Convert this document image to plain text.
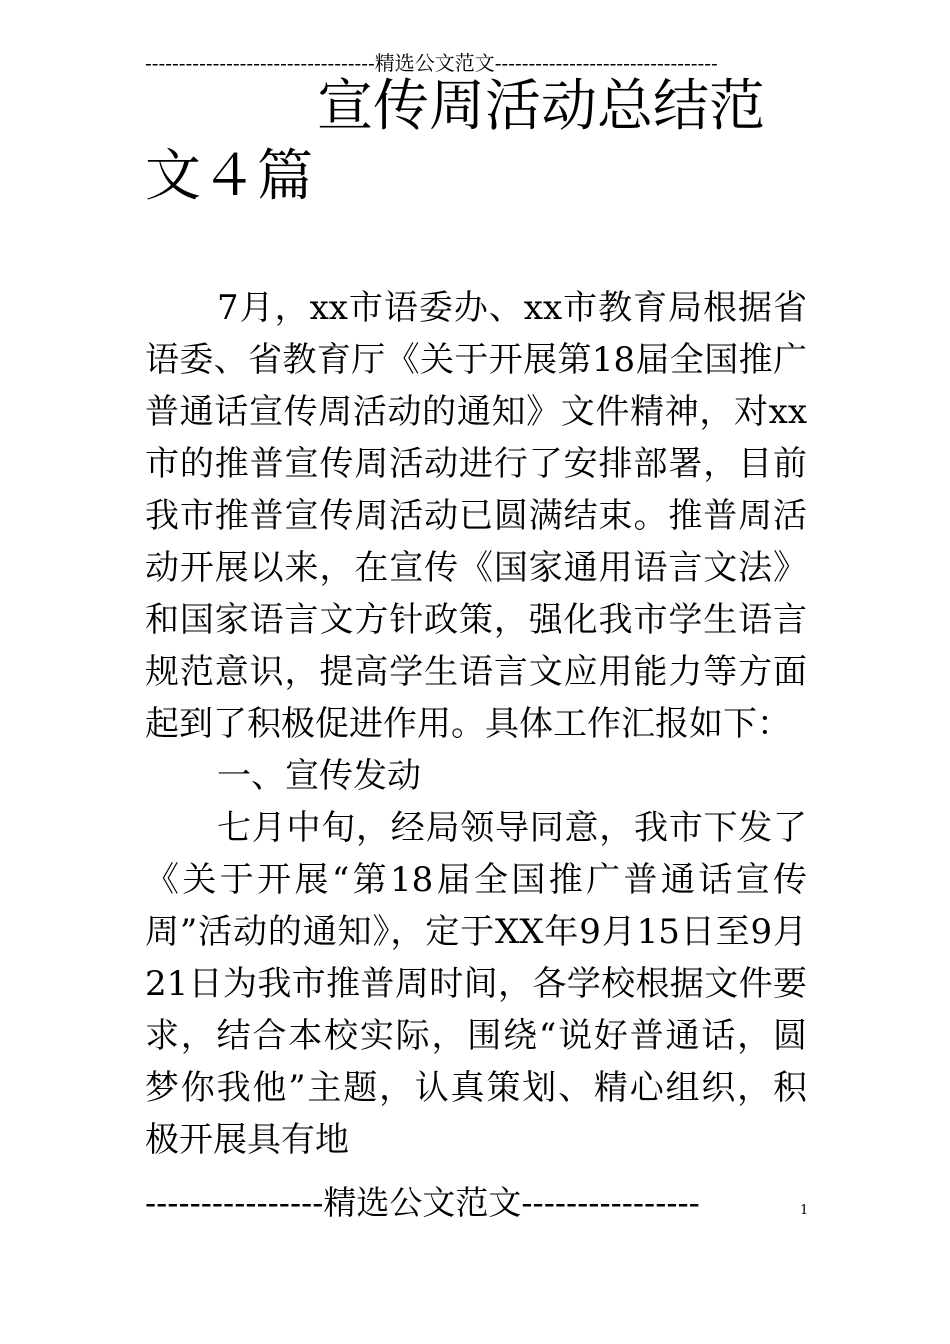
----------------------------------精选公文范文---------------------------------
宣传周活动总结范文４篇

7月，xx市语委办、xx市教育局根据省语委、省教育厅《关于开展第18届全国推广普通话宣传周活动的通知》文件精神，对xx市的推普宣传周活动进行了安排部署，目前我市推普宣传周活动已圆满结束。推普周活动开展以来，在宣传《国家通用语言文法》和国家语言文方针政策，强化我市学生语言规范意识，提高学生语言文应用能力等方面起到了积极促进作用。具体工作汇报如下：

一、宣传发动

七月中旬，经局领导同意，我市下发了《关于开展“第18届全国推广普通话宣传周”活动的通知》，定于XX年9月15日至9月21日为我市推普周时间，各学校根据文件要求，结合本校实际，围绕“说好普通话，圆梦你我他”主题，认真策划、精心组织，积极开展具有地

----------------精选公文范文----------------	1
